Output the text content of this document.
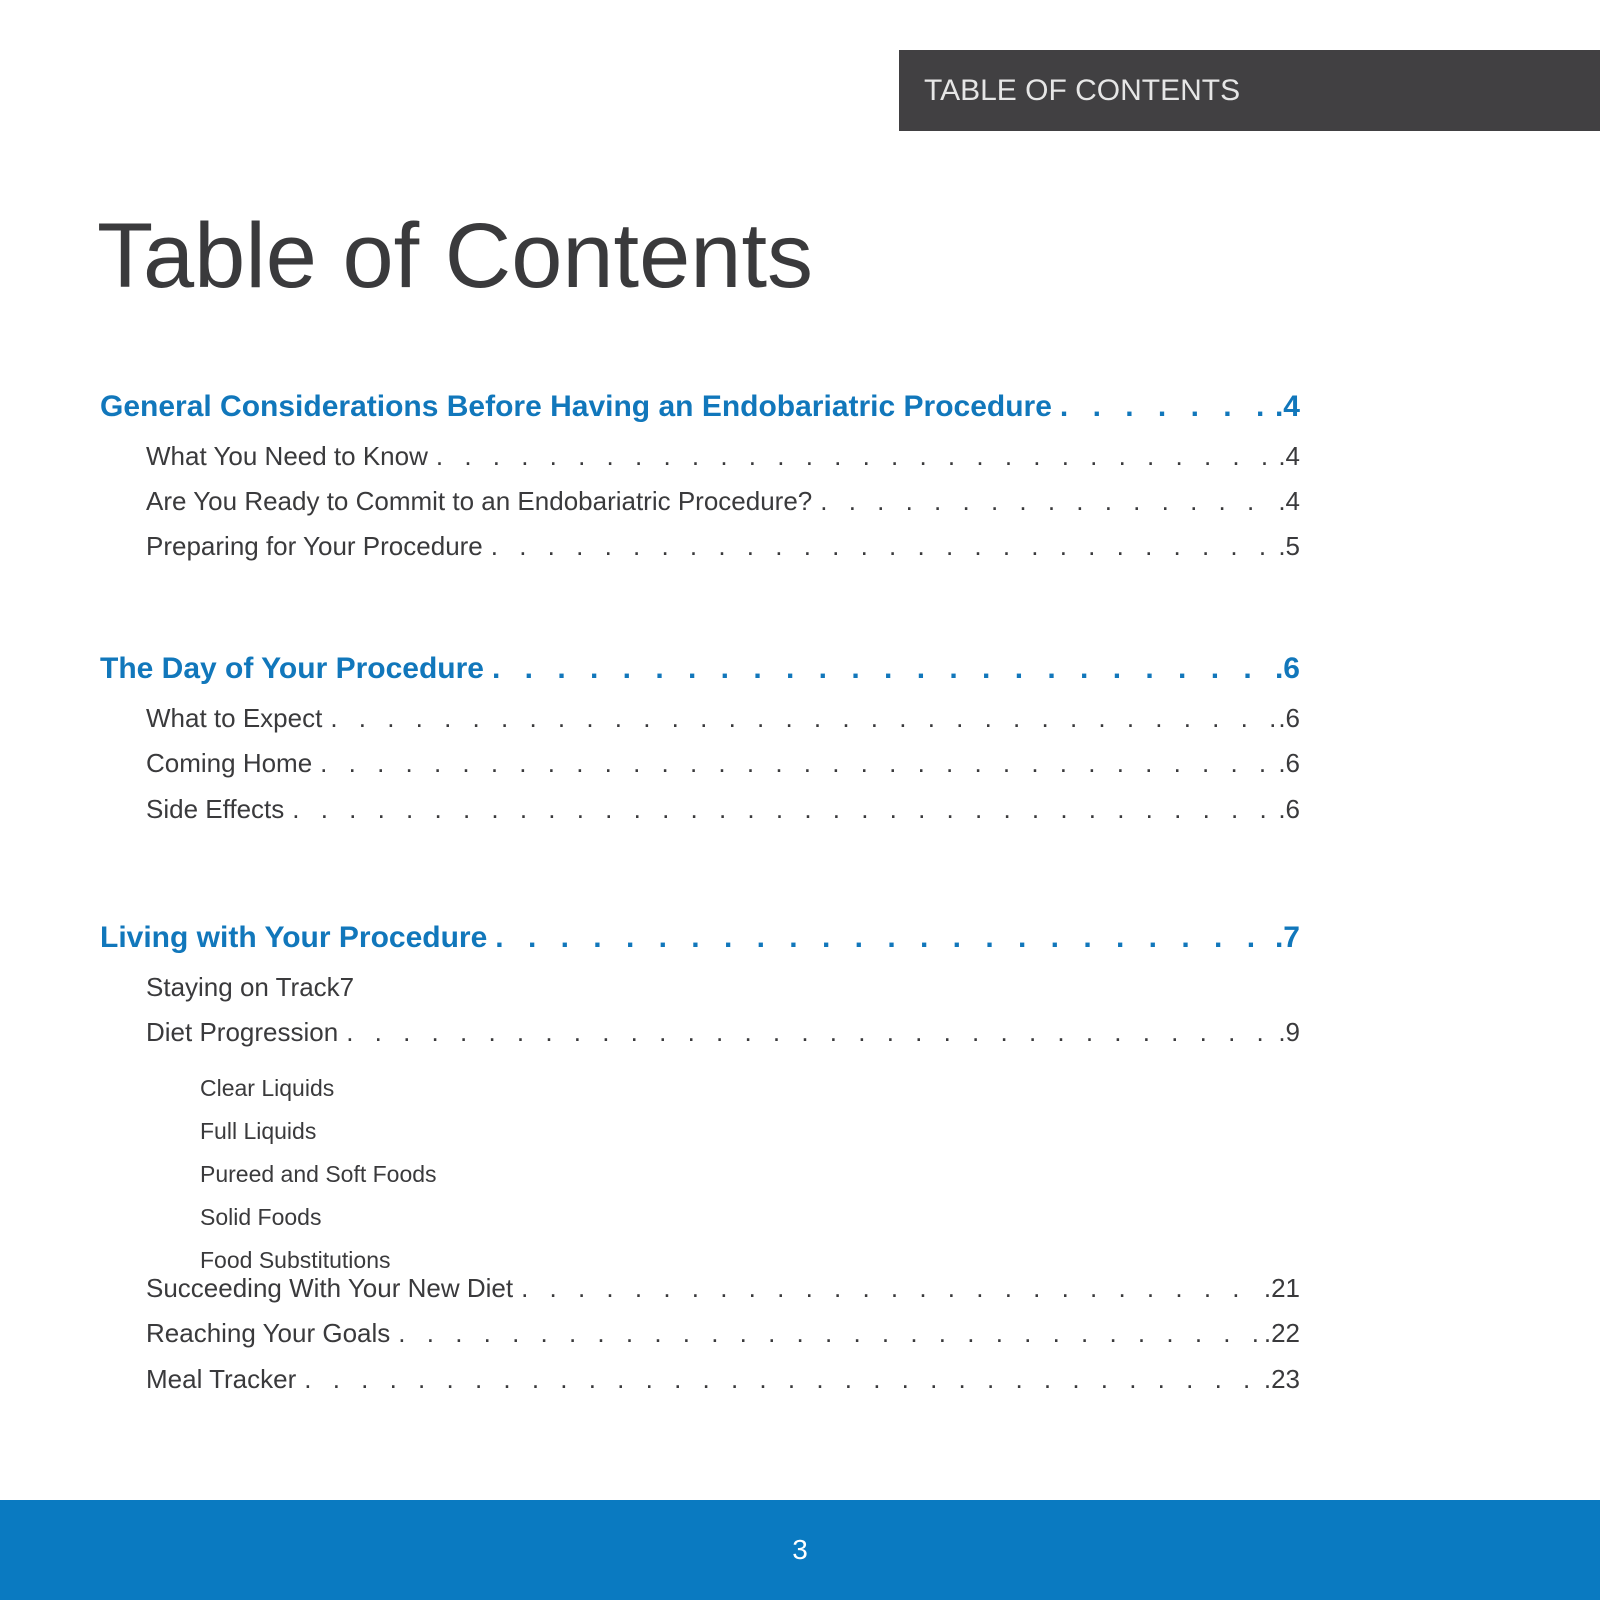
TABLE OF CONTENTS
Table of Contents
General Considerations Before Having an Endobariatric Procedure . . .	.4
What You Need to Know . . .	.4
Are You Ready to Commit to an Endobariatric Procedure? . . .	.4
Preparing for Your Procedure . . .	.5
The Day of Your Procedure . . .	.6
What to Expect . . .	.6
Coming Home . . .	.6
Side Effects . . .	.6
Living with Your Procedure . . .	.7
Staying on Track7
Diet Progression . . .	.9
Clear Liquids
Full Liquids
Pureed and Soft Foods
Solid Foods
Food Substitutions
Succeeding With Your New Diet . . .	.21
Reaching Your Goals . . .	.22
Meal Tracker . . .	.23
3
